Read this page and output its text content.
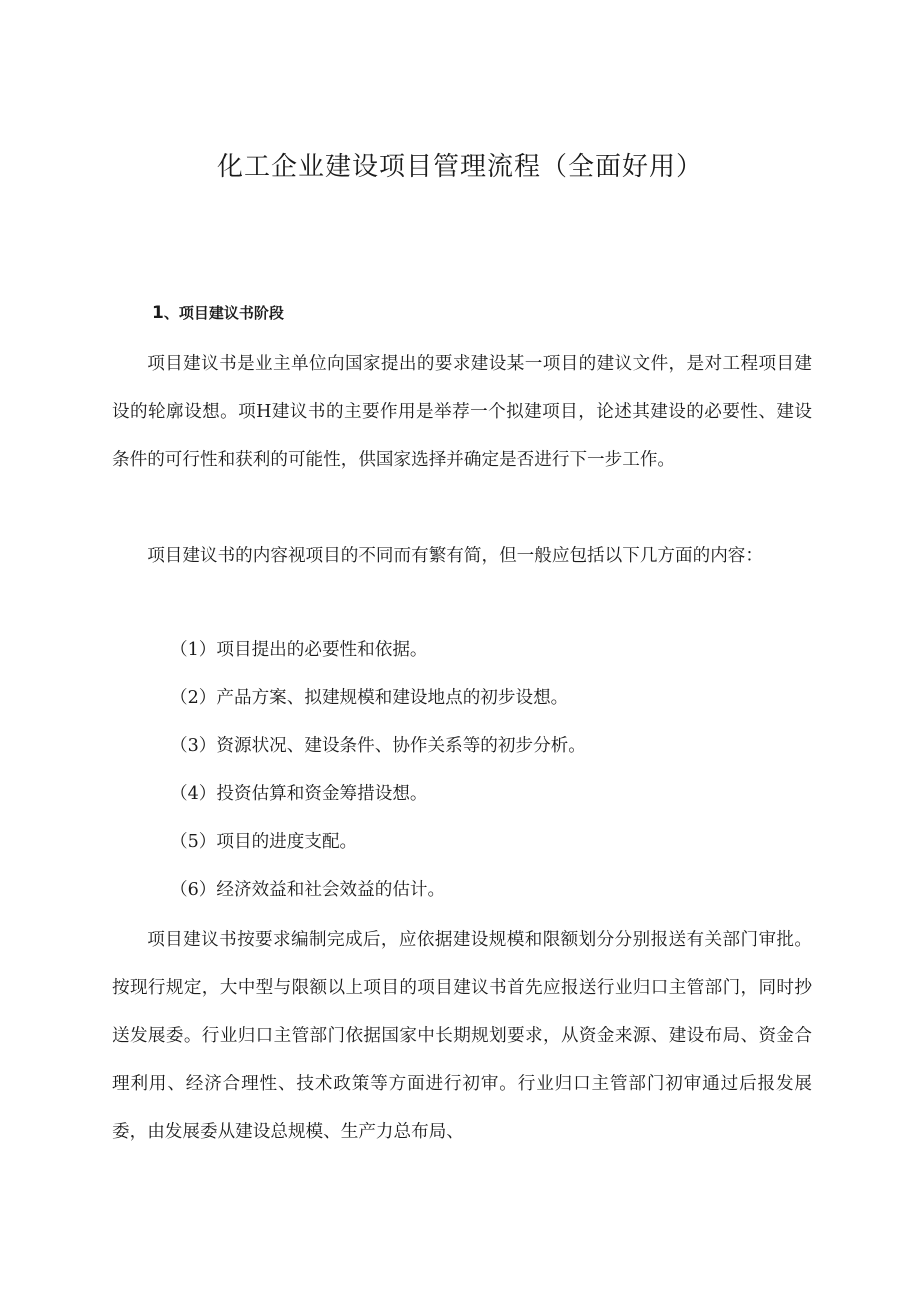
化工企业建设项目管理流程（全面好用）
1、项目建议书阶段

项目建议书是业主单位向国家提出的要求建设某一项目的建议文件，是对工程项目建设的轮廓设想。项H建议书的主要作用是举荐一个拟建项目，论述其建设的必要性、建设条件的可行性和获利的可能性，供国家选择并确定是否进行下一步工作。

项目建议书的内容视项目的不同而有繁有简，但一般应包括以下几方面的内容：

（1）项目提出的必要性和依据。

（2）产品方案、拟建规模和建设地点的初步设想。

（3）资源状况、建设条件、协作关系等的初步分析。

（4）投资估算和资金筹措设想。

（5）项目的进度支配。

（6）经济效益和社会效益的估计。

项目建议书按要求编制完成后，应依据建设规模和限额划分分别报送有关部门审批。按现行规定，大中型与限额以上项目的项目建议书首先应报送行业归口主管部门，同时抄送发展委。行业归口主管部门依据国家中长期规划要求，从资金来源、建设布局、资金合理利用、经济合理性、技术政策等方面进行初审。行业归口主管部门初审通过后报发展委，由发展委从建设总规模、生产力总布局、
